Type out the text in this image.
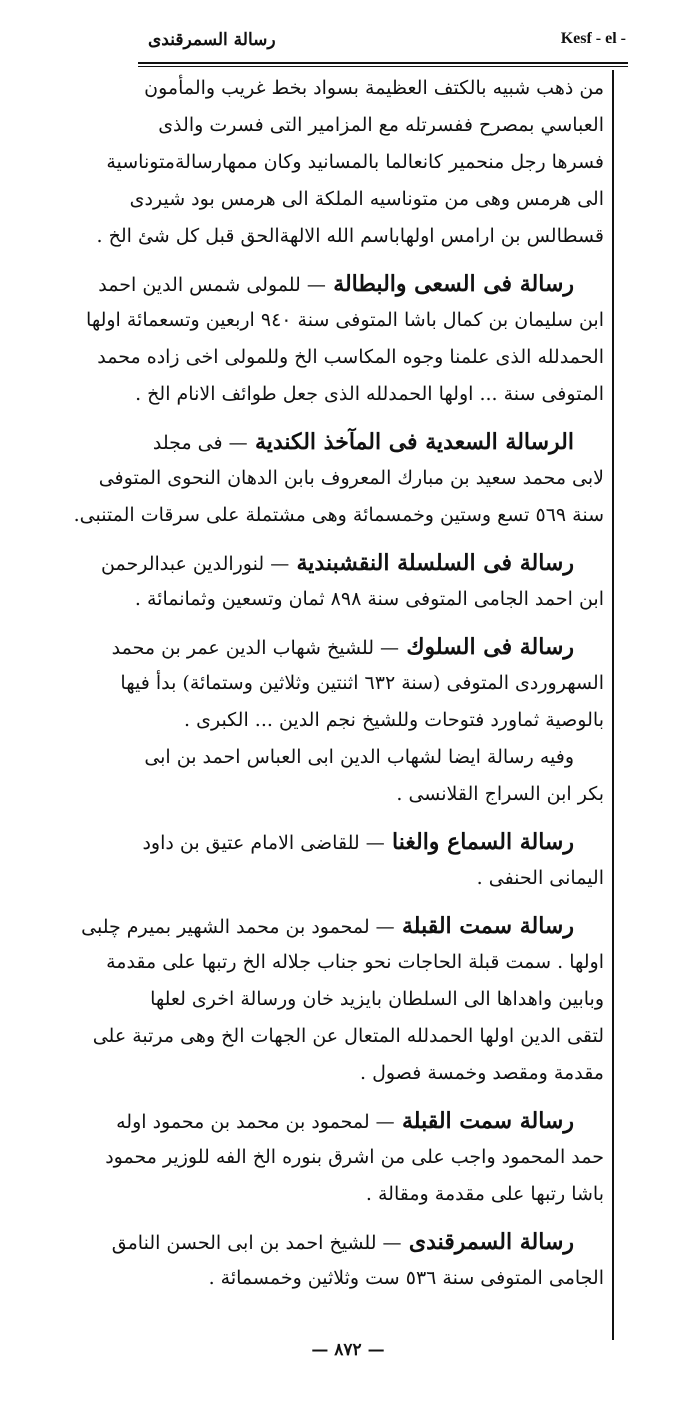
رسالة السمرقندى	Kesf - el -
من ذهب شبيه بالكتف العظيمة بسواد بخط غريب والمأمون
العباسي بمصرح ففسرتله مع المزامير التى فسرت والذى
فسرها رجل منحمير كانعالما بالمسانيد وكان ممهارسالةمتوناسية
الى هرمس وهى من متوناسيه الملكة الى هرمس بود شيردى
قسطالس بن ارامس اولهاباسم الله الالهةالحق قبل كل شئ الخ .
رسالة فى السعى والبطالة — للمولى شمس الدين احمد
ابن سليمان بن كمال باشا المتوفى سنة ٩٤٠ اربعين وتسعمائة اولها
الحمدلله الذى علمنا وجوه المكاسب الخ وللمولى اخى زاده محمد
المتوفى سنة ... اولها الحمدلله الذى جعل طوائف الانام الخ .
الرسالة السعدية فى المآخذ الكندية — فى مجلد
لابى محمد سعيد بن مبارك المعروف بابن الدهان النحوى المتوفى
سنة ٥٦٩ تسع وستين وخمسمائة وهى مشتملة على سرقات المتنبى.
رسالة فى السلسلة النقشبندية — لنورالدين عبدالرحمن
ابن احمد الجامى المتوفى سنة ٨٩٨ ثمان وتسعين وثمانمائة .
رسالة فى السلوك — للشيخ شهاب الدين عمر بن محمد
السهروردى المتوفى (سنة ٦٣٢ اثنتين وثلاثين وستمائة) بدأ فيها
بالوصية ثماورد فتوحات وللشيخ نجم الدين ... الكبرى .
وفيه رسالة ايضا لشهاب الدين ابى العباس احمد بن ابى
بكر ابن السراج القلانسى .
رسالة السماع والغنا — للقاضى الامام عتيق بن داود
اليمانى الحنفى .
رسالة سمت القبلة — لمحمود بن محمد الشهير بميرم چلبى
اولها . سمت قبلة الحاجات نحو جناب جلاله الخ رتبها على مقدمة
وبابين واهداها الى السلطان بايزيد خان ورسالة اخرى لعلها
لتقى الدين اولها الحمدلله المتعال عن الجهات الخ وهى مرتبة على
مقدمة ومقصد وخمسة فصول .
رسالة سمت القبلة — لمحمود بن محمد بن محمود اوله
حمد المحمود واجب على من اشرق بنوره الخ الفه للوزير محمود
باشا رتبها على مقدمة ومقالة .
رسالة السمرقندى — للشيخ احمد بن ابى الحسن النامق
الجامى المتوفى سنة ٥٣٦ ست وثلاثين وخمسمائة .
— ٨٧٢ —
